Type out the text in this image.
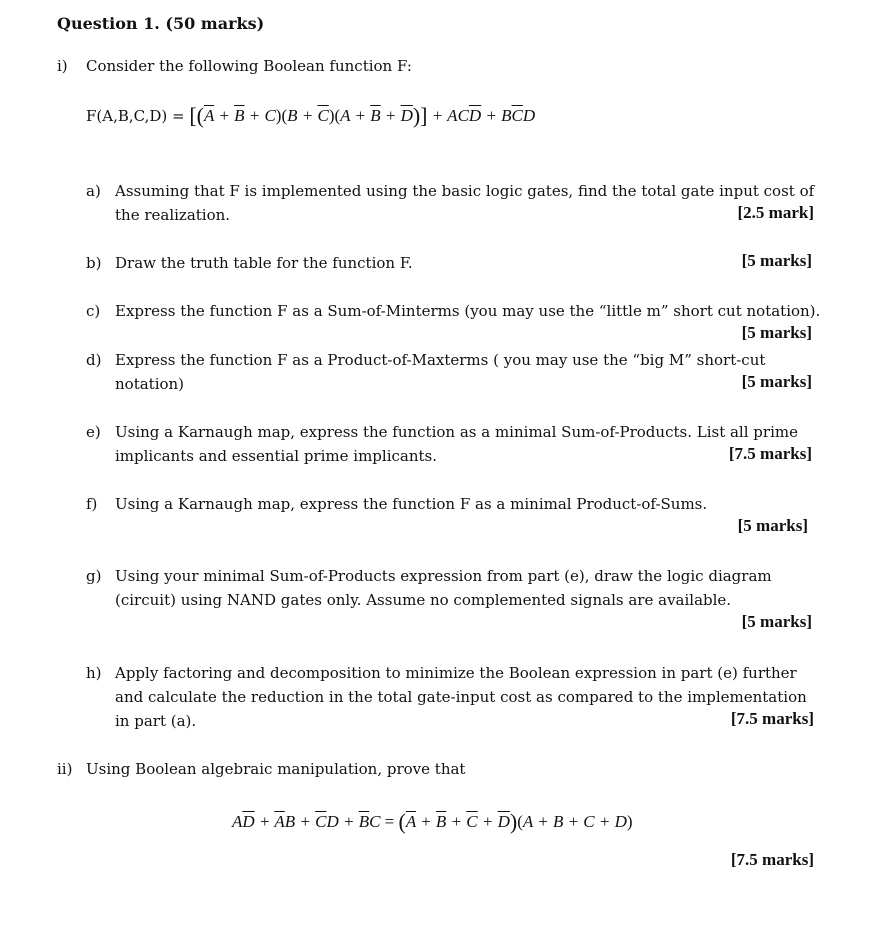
Question 1. (50 marks)
i) Consider the following Boolean function F:
$F(A,B,C,D) = [(\overline{A} + \overline{B} + C)(B + \overline{C})(A + \overline{B} + \overline{D})] + AC\overline{D} + B\overline{C}D$
a) Assuming that F is implemented using the basic logic gates, find the total gate input cost of
the realization.	[2.5 mark]
b) Draw the truth table for the function F.	[5 marks]
c) Express the function F as a Sum-of-Minterms (you may use the “little m” short cut notation).
[5 marks]
d) Express the function F as a Product-of-Maxterms ( you may use the “big M” short-cut
notation)	[5 marks]
e) Using a Karnaugh map, express the function as a minimal Sum-of-Products. List all prime
implicants and essential prime implicants.	[7.5 marks]
f) Using a Karnaugh map, express the function F as a minimal Product-of-Sums.
[5 marks]
g) Using your minimal Sum-of-Products expression from part (e), draw the logic diagram
(circuit) using NAND gates only. Assume no complemented signals are available.
[5 marks]
h) Apply factoring and decomposition to minimize the Boolean expression in part (e) further
and calculate the reduction in the total gate-input cost as compared to the implementation
in part (a).	[7.5 marks]
ii) Using Boolean algebraic manipulation, prove that
$A\overline{D} + \overline{A}B + \overline{C}D + \overline{B}C = (\overline{A} + \overline{B} + \overline{C} + \overline{D})(A + B + C + D)$
[7.5 marks]
